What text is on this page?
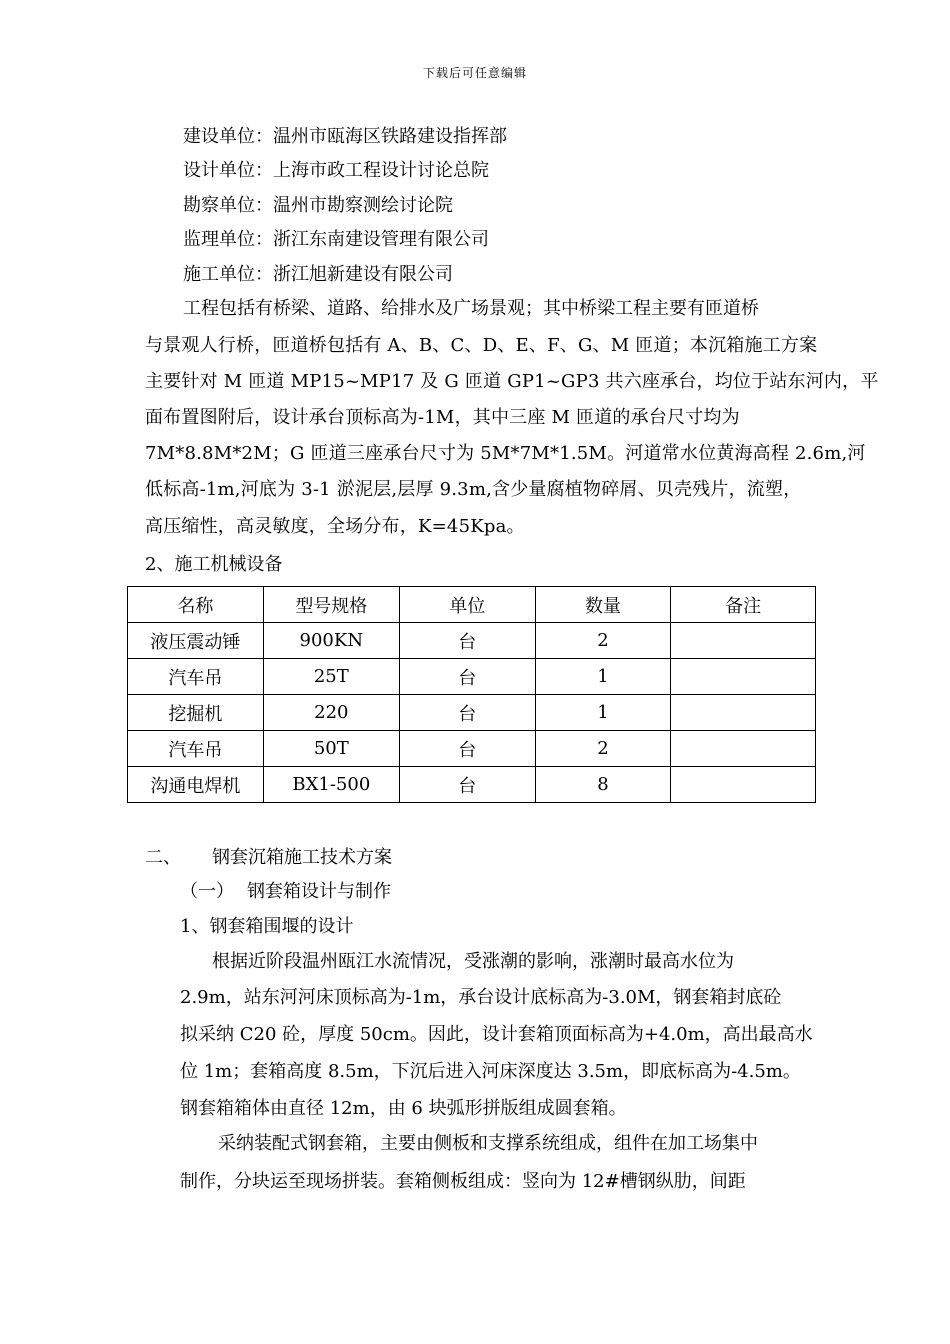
下载后可任意编辑
建设单位：温州市瓯海区铁路建设指挥部
设计单位：上海市政工程设计讨论总院
勘察单位：温州市勘察测绘讨论院
监理单位：浙江东南建设管理有限公司
施工单位：浙江旭新建设有限公司
工程包括有桥梁、道路、给排水及广场景观；其中桥梁工程主要有匝道桥
与景观人行桥，匝道桥包括有 A、B、C、D、E、F、G、M 匝道；本沉箱施工方案
主要针对 M 匝道 MP15~MP17 及 G 匝道 GP1~GP3 共六座承台，均位于站东河内，平
面布置图附后，设计承台顶标高为-1M，其中三座 M 匝道的承台尺寸均为
7M*8.8M*2M；G 匝道三座承台尺寸为 5M*7M*1.5M。河道常水位黄海高程 2.6m,河
低标高-1m,河底为 3-1 淤泥层,层厚 9.3m,含少量腐植物碎屑、贝壳残片，流塑，
高压缩性，高灵敏度，全场分布，K=45Kpa。
2、施工机械设备
名称	型号规格	单位	数量	备注
液压震动锤	900KN	台	2	
汽车吊	25T	台	1	
挖掘机	220	台	1	
汽车吊	50T	台	2	
沟通电焊机	BX1-500	台	8	
二、 钢套沉箱施工技术方案
（一） 钢套箱设计与制作
1、钢套箱围堰的设计
根据近阶段温州瓯江水流情况，受涨潮的影响，涨潮时最高水位为
2.9m，站东河河床顶标高为-1m，承台设计底标高为-3.0M，钢套箱封底砼
拟采纳 C20 砼，厚度 50cm。因此，设计套箱顶面标高为+4.0m，高出最高水
位 1m；套箱高度 8.5m，下沉后进入河床深度达 3.5m，即底标高为-4.5m。
钢套箱箱体由直径 12m，由 6 块弧形拼版组成圆套箱。
采纳装配式钢套箱，主要由侧板和支撑系统组成，组件在加工场集中
制作，分块运至现场拼装。套箱侧板组成：竖向为 12#槽钢纵肋，间距
